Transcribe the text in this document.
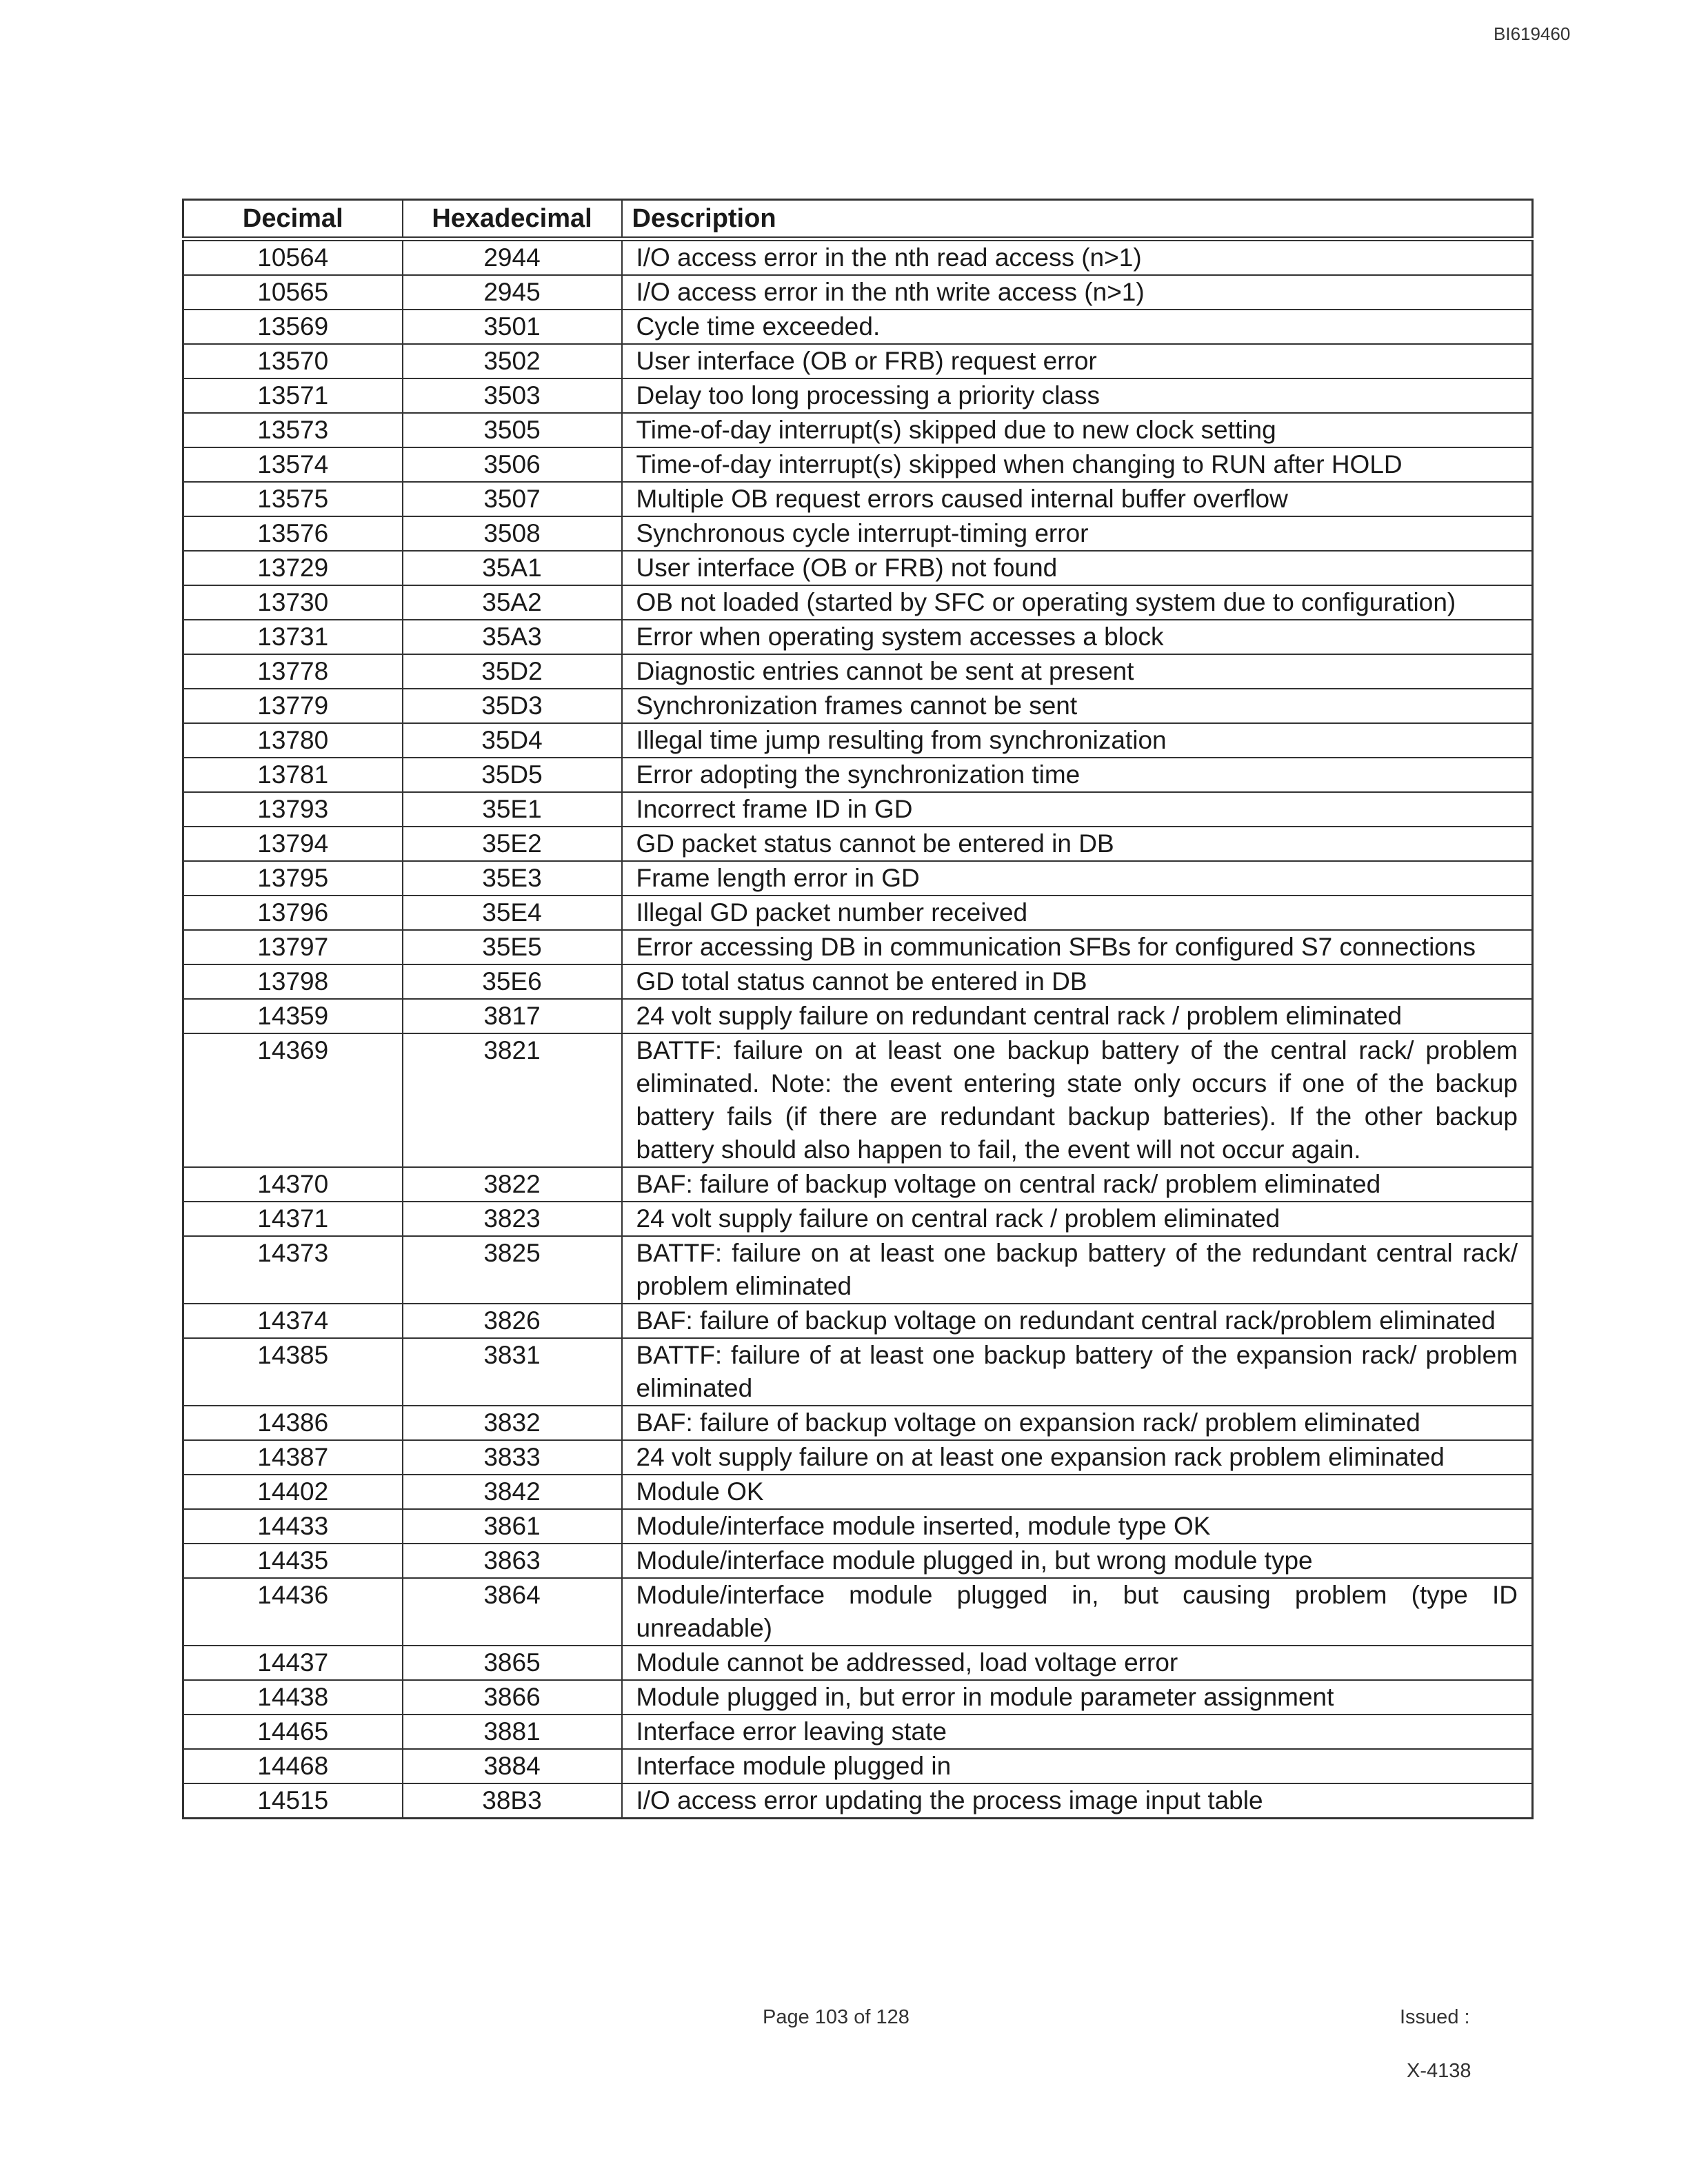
BI619460
Decimal	Hexadecimal	Description
10564	2944	I/O access error in the nth read access (n>1)
10565	2945	I/O access error in the nth write access (n>1)
13569	3501	Cycle time exceeded.
13570	3502	User interface (OB or FRB) request error
13571	3503	Delay too long processing a priority class
13573	3505	Time-of-day interrupt(s) skipped due to new clock setting
13574	3506	Time-of-day interrupt(s) skipped when changing to RUN after HOLD
13575	3507	Multiple OB request errors caused internal buffer overflow
13576	3508	Synchronous cycle interrupt-timing error
13729	35A1	User interface (OB or FRB) not found
13730	35A2	OB not loaded (started by SFC or operating system due to configuration)
13731	35A3	Error when operating system accesses a block
13778	35D2	Diagnostic entries cannot be sent at present
13779	35D3	Synchronization frames cannot be sent
13780	35D4	Illegal time jump resulting from synchronization
13781	35D5	Error adopting the synchronization time
13793	35E1	Incorrect frame ID in GD
13794	35E2	GD packet status cannot be entered in DB
13795	35E3	Frame length error in GD
13796	35E4	Illegal GD packet number received
13797	35E5	Error accessing DB in communication SFBs for configured S7 connections
13798	35E6	GD total status cannot be entered in DB
14359	3817	24 volt supply failure on redundant central rack / problem eliminated
14369	3821	BATTF: failure on at least one backup battery of the central rack/ problem eliminated. Note: the event entering state only occurs if one of the backup battery fails (if there are redundant backup batteries). If the other backup battery should also happen to fail, the event will not occur again.
14370	3822	BAF: failure of backup voltage on central rack/ problem eliminated
14371	3823	24 volt supply failure on central rack / problem eliminated
14373	3825	BATTF: failure on at least one backup battery of the redundant central rack/ problem eliminated
14374	3826	BAF: failure of backup voltage on redundant central rack/problem eliminated
14385	3831	BATTF: failure of at least one backup battery of the expansion rack/ problem eliminated
14386	3832	BAF: failure of backup voltage on expansion rack/ problem eliminated
14387	3833	24 volt supply failure on at least one expansion rack problem eliminated
14402	3842	Module OK
14433	3861	Module/interface module inserted, module type OK
14435	3863	Module/interface module plugged in, but wrong module type
14436	3864	Module/interface module plugged in, but causing problem (type ID unreadable)
14437	3865	Module cannot be addressed, load voltage error
14438	3866	Module plugged in, but error in module parameter assignment
14465	3881	Interface error leaving state
14468	3884	Interface module plugged in
14515	38B3	I/O access error updating the process image input table
Page 103 of 128	Issued :
X-4138
